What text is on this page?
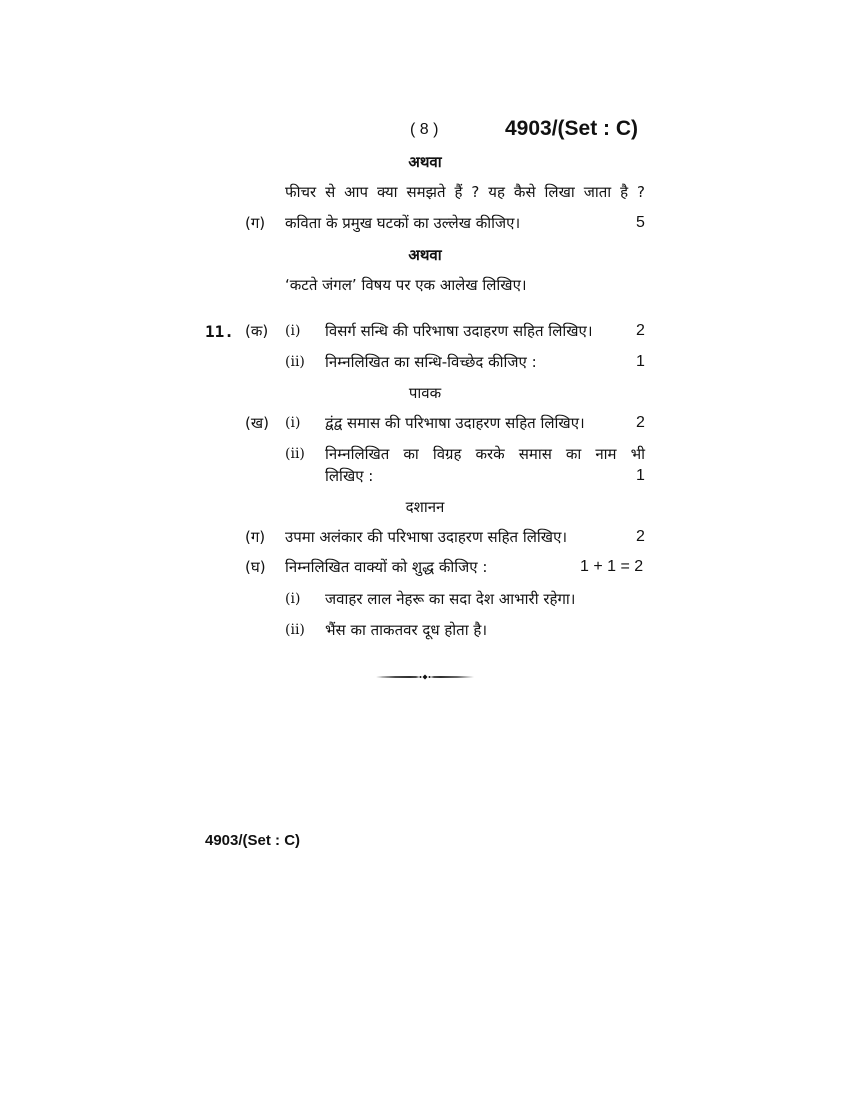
( 8 )	4903/(Set : C)
अथवा
फीचर से आप क्या समझते हैं ? यह कैसे लिखा जाता है ?
(ग) कविता के प्रमुख घटकों का उल्लेख कीजिए।	5
अथवा
‘कटते जंगल’ विषय पर एक आलेख लिखिए।
11. (क) (i) विसर्ग सन्धि की परिभाषा उदाहरण सहित लिखिए।	2
(ii) निम्नलिखित का सन्धि-विच्छेद कीजिए :	1
पावक
(ख) (i) द्वंद्व समास की परिभाषा उदाहरण सहित लिखिए।	2
(ii) निम्नलिखित का विग्रह करके समास का नाम भी
लिखिए :	1
दशानन
(ग) उपमा अलंकार की परिभाषा उदाहरण सहित लिखिए।	2
(घ) निम्नलिखित वाक्यों को शुद्ध कीजिए :	1 + 1 = 2
(i) जवाहर लाल नेहरू का सदा देश आभारी रहेगा।
(ii) भैंस का ताकतवर दूध होता है।
4903/(Set : C)
